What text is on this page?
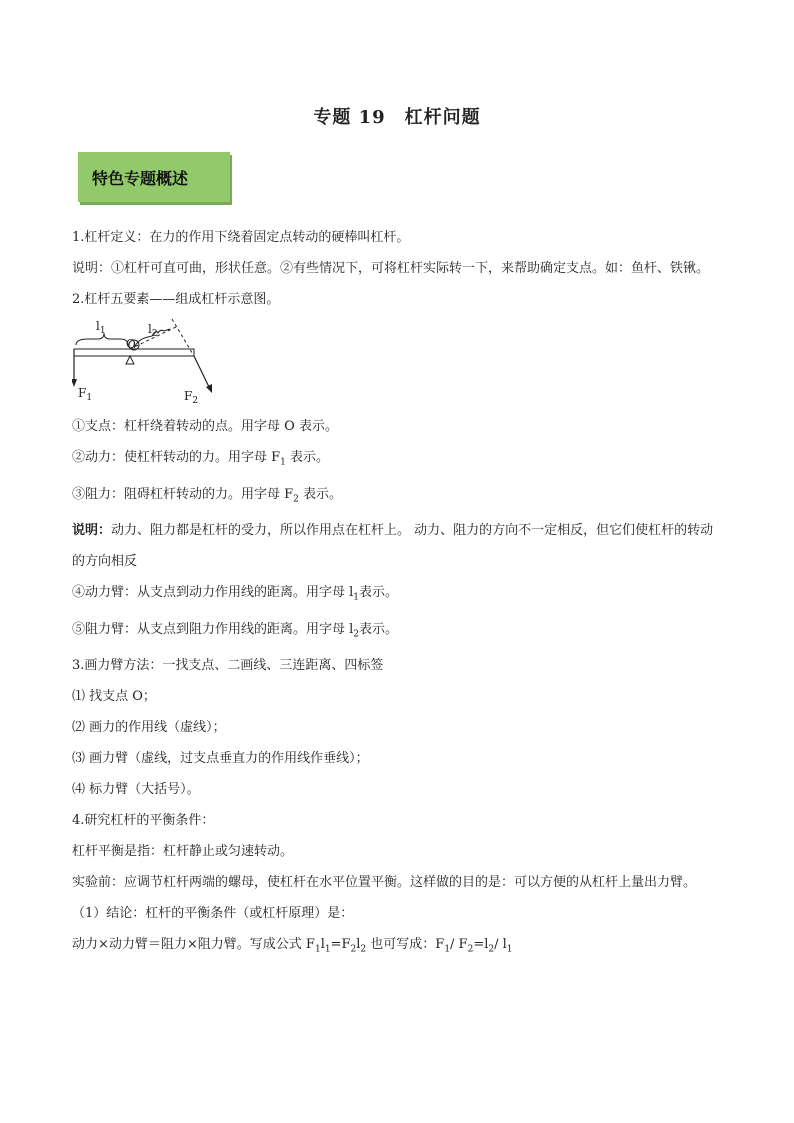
专题 19　杠杆问题
特色专题概述

1.杠杆定义：在力的作用下绕着固定点转动的硬棒叫杠杆。

说明：①杠杆可直可曲，形状任意。②有些情况下，可将杠杆实际转一下，来帮助确定支点。如：鱼杆、铁锹。

2.杠杆五要素——组成杠杆示意图。

$l_1$
O
$l_2$
$F_1$	$F_2$

①支点：杠杆绕着转动的点。用字母 O 表示。

②动力：使杠杆转动的力。用字母 $F_1$ 表示。

③阻力：阻碍杠杆转动的力。用字母 $F_2$ 表示。

说明：动力、阻力都是杠杆的受力，所以作用点在杠杆上。 动力、阻力的方向不一定相反，但它们使杠杆的转动的方向相反

④动力臂：从支点到动力作用线的距离。用字母 $l_1$表示。

⑤阻力臂：从支点到阻力作用线的距离。用字母 $l_2$表示。

3.画力臂方法：一找支点、二画线、三连距离、四标签

⑴ 找支点 O；

⑵ 画力的作用线（虚线）；

⑶ 画力臂（虚线，过支点垂直力的作用线作垂线）；

⑷ 标力臂（大括号）。

4.研究杠杆的平衡条件：

杠杆平衡是指：杠杆静止或匀速转动。

实验前：应调节杠杆两端的螺母，使杠杆在水平位置平衡。这样做的目的是：可以方便的从杠杆上量出力臂。

（1）结论：杠杆的平衡条件（或杠杆原理）是：

动力×动力臂＝阻力×阻力臂。写成公式 $F_1l_1=F_2l_2$ 也可写成：$F_1/$ $F_2=l_2/$ $l_1$
